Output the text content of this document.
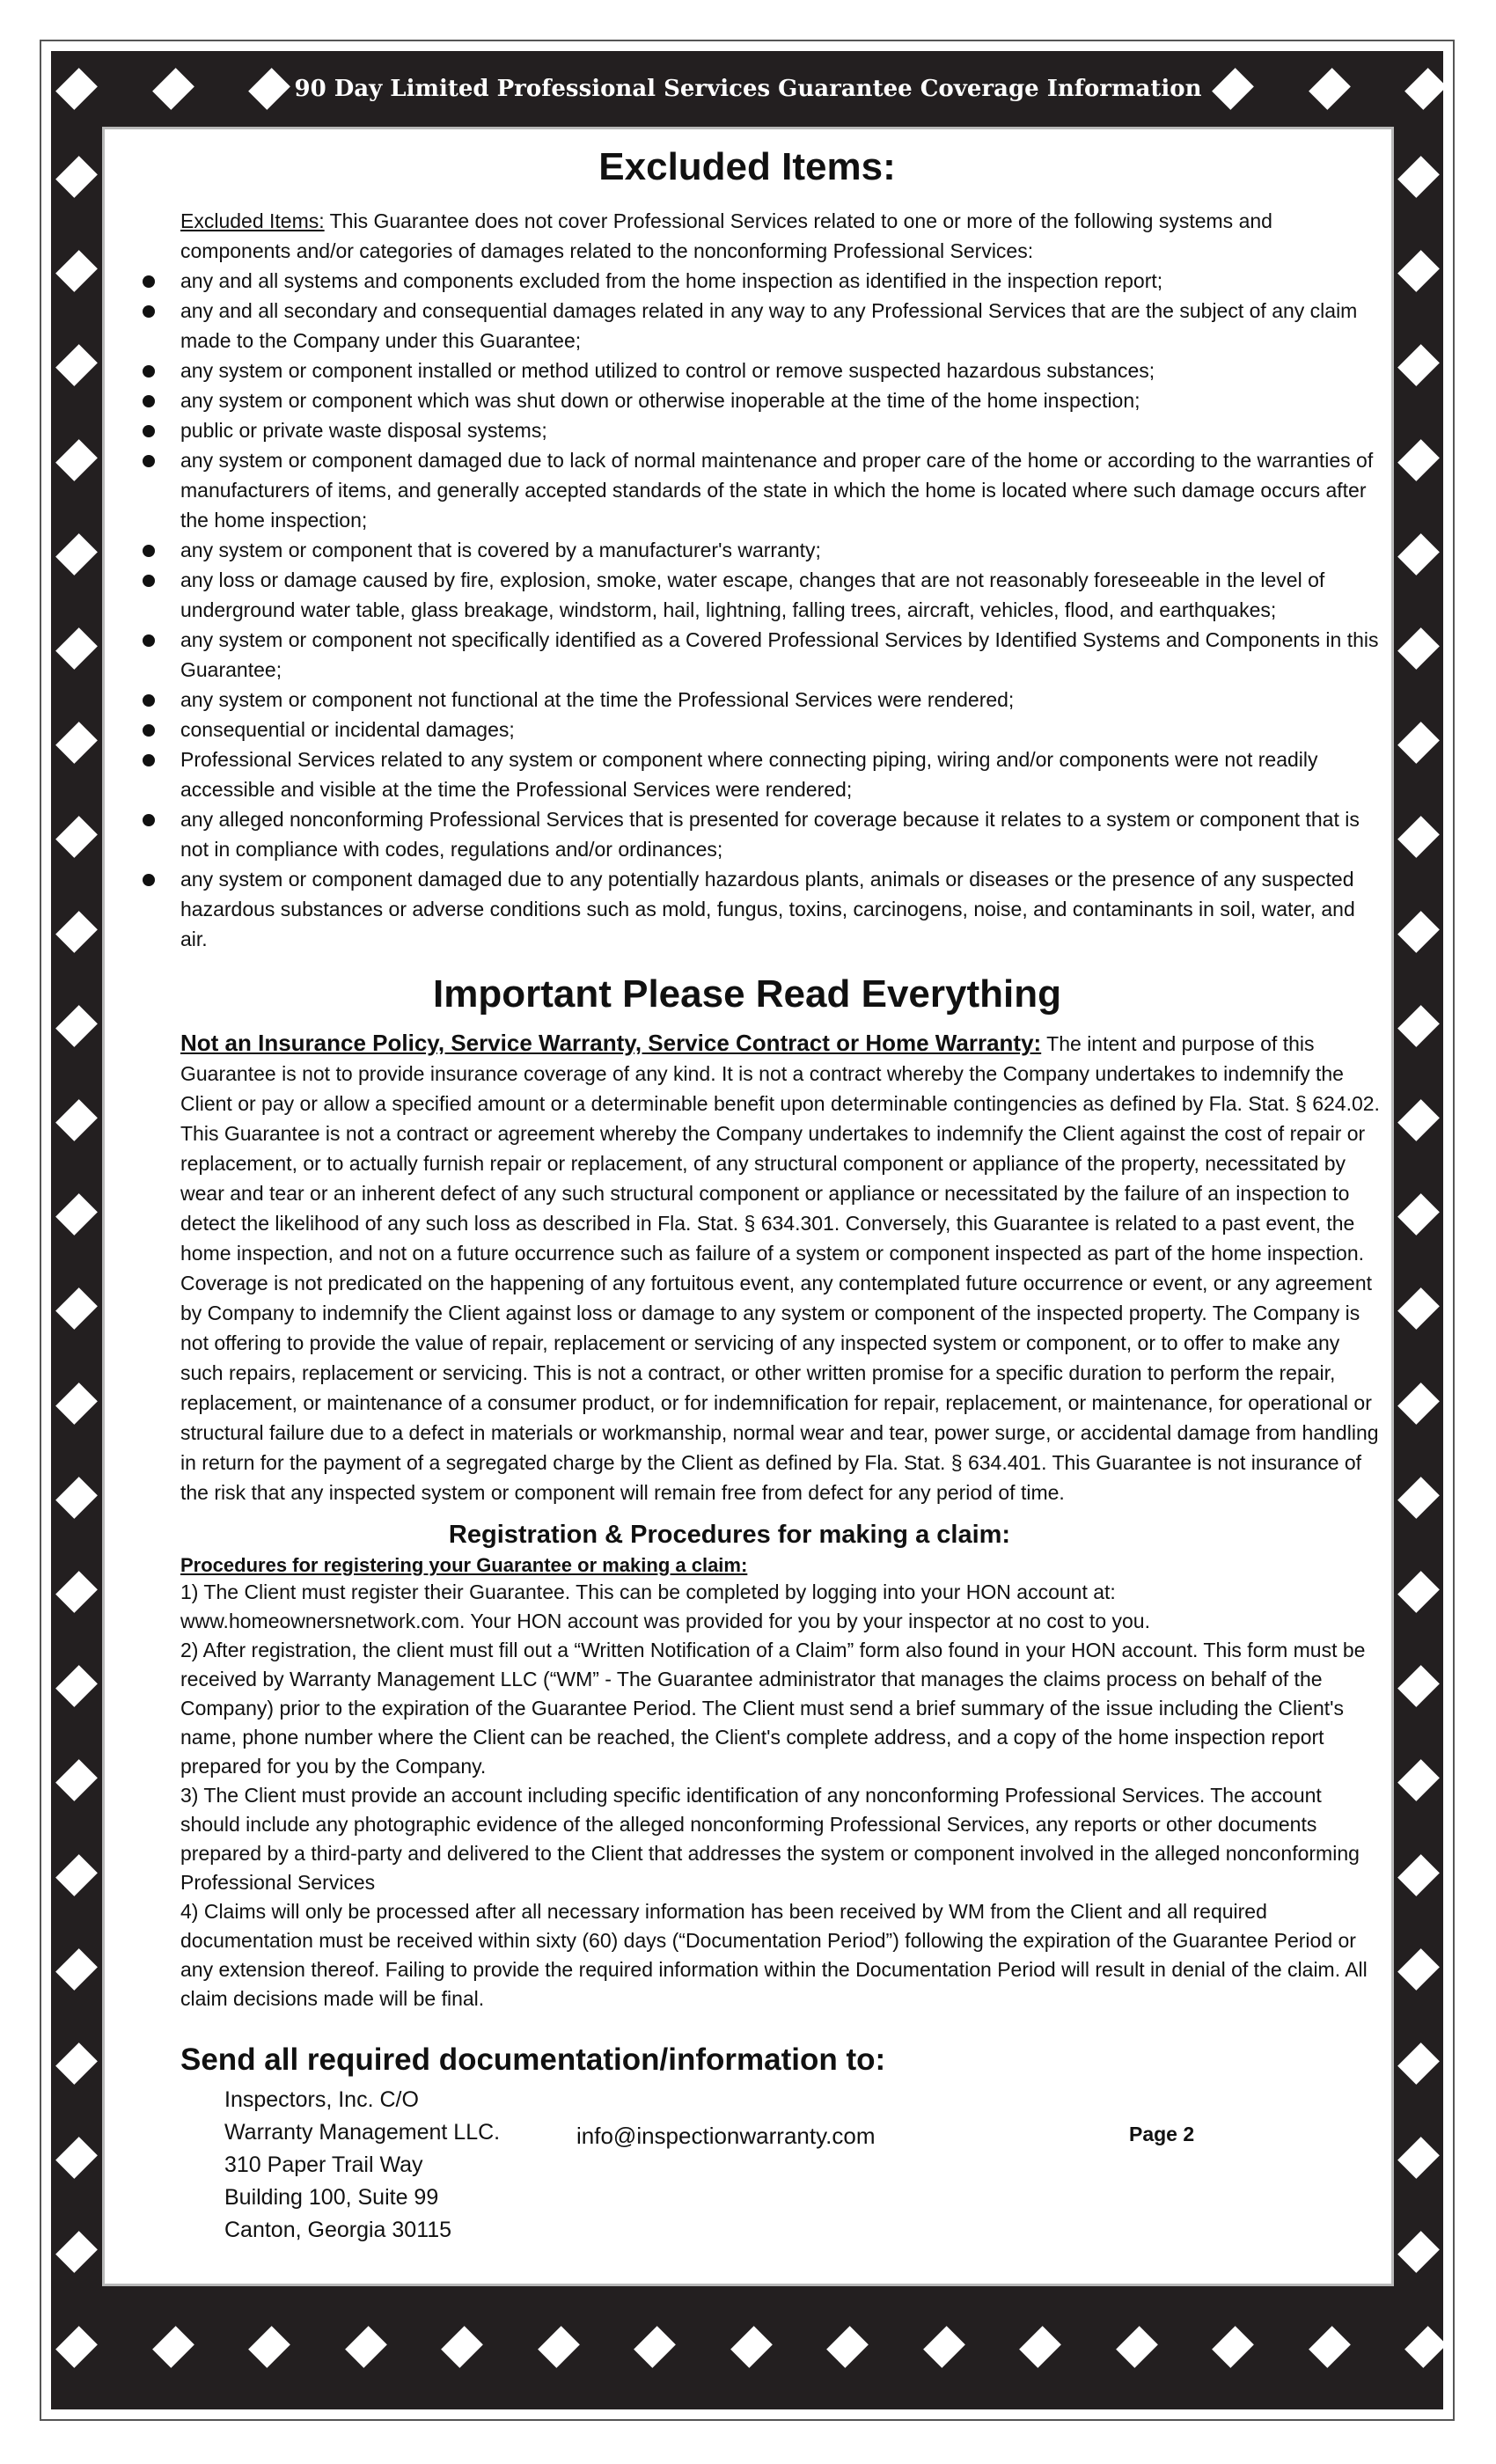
90 Day Limited Professional Services Guarantee Coverage Information
Excluded Items:

Excluded Items: This Guarantee does not cover Professional Services related to one or more of the following systems and components and/or categories of damages related to the nonconforming Professional Services:

any and all systems and components excluded from the home inspection as identified in the inspection report;
any and all secondary and consequential damages related in any way to any Professional Services that are the subject of any claim made to the Company under this Guarantee;
any system or component installed or method utilized to control or remove suspected hazardous substances;
any system or component which was shut down or otherwise inoperable at the time of the home inspection;
public or private waste disposal systems;
any system or component damaged due to lack of normal maintenance and proper care of the home or according to the warranties of manufacturers of items, and generally accepted standards of the state in which the home is located where such damage occurs after the home inspection;
any system or component that is covered by a manufacturer's warranty;
any loss or damage caused by fire, explosion, smoke, water escape, changes that are not reasonably foreseeable in the level of underground water table, glass breakage, windstorm, hail, lightning, falling trees, aircraft, vehicles, flood, and earthquakes;
any system or component not specifically identified as a Covered Professional Services by Identified Systems and Components in this Guarantee;
any system or component not functional at the time the Professional Services were rendered;
consequential or incidental damages;
Professional Services related to any system or component where connecting piping, wiring and/or components were not readily accessible and visible at the time the Professional Services were rendered;
any alleged nonconforming Professional Services that is presented for coverage because it relates to a system or component that is not in compliance with codes, regulations and/or ordinances;
any system or component damaged due to any potentially hazardous plants, animals or diseases or the presence of any suspected hazardous substances or adverse conditions such as mold, fungus, toxins, carcinogens, noise, and contaminants in soil, water, and air.
Important Please Read Everything

Not an Insurance Policy, Service Warranty, Service Contract or Home Warranty: The intent and purpose of this Guarantee is not to provide insurance coverage of any kind. It is not a contract whereby the Company undertakes to indemnify the Client or pay or allow a specified amount or a determinable benefit upon determinable contingencies as defined by Fla. Stat. § 624.02. This Guarantee is not a contract or agreement whereby the Company undertakes to indemnify the Client against the cost of repair or replacement, or to actually furnish repair or replacement, of any structural component or appliance of the property, necessitated by wear and tear or an inherent defect of any such structural component or appliance or necessitated by the failure of an inspection to detect the likelihood of any such loss as described in Fla. Stat. § 634.301. Conversely, this Guarantee is related to a past event, the home inspection, and not on a future occurrence such as failure of a system or component inspected as part of the home inspection. Coverage is not predicated on the happening of any fortuitous event, any contemplated future occurrence or event, or any agreement by Company to indemnify the Client against loss or damage to any system or component of the inspected property. The Company is not offering to provide the value of repair, replacement or servicing of any inspected system or component, or to offer to make any such repairs, replacement or servicing. This is not a contract, or other written promise for a specific duration to perform the repair, replacement, or maintenance of a consumer product, or for indemnification for repair, replacement, or maintenance, for operational or structural failure due to a defect in materials or workmanship, normal wear and tear, power surge, or accidental damage from handling in return for the payment of a segregated charge by the Client as defined by Fla. Stat. § 634.401. This Guarantee is not insurance of the risk that any inspected system or component will remain free from defect for any period of time.

Registration & Procedures for making a claim:

Procedures for registering your Guarantee or making a claim:

1) The Client must register their Guarantee. This can be completed by logging into your HON account at: www.homeownersnetwork.com. Your HON account was provided for you by your inspector at no cost to you.

2) After registration, the client must fill out a “Written Notification of a Claim” form also found in your HON account. This form must be received by Warranty Management LLC (“WM” - The Guarantee administrator that manages the claims process on behalf of the Company) prior to the expiration of the Guarantee Period. The Client must send a brief summary of the issue including the Client's name, phone number where the Client can be reached, the Client's complete address, and a copy of the home inspection report prepared for you by the Company.

3) The Client must provide an account including specific identification of any nonconforming Professional Services. The account should include any photographic evidence of the alleged nonconforming Professional Services, any reports or other documents prepared by a third-party and delivered to the Client that addresses the system or component involved in the alleged nonconforming Professional Services

4) Claims will only be processed after all necessary information has been received by WM from the Client and all required documentation must be received within sixty (60) days (“Documentation Period”) following the expiration of the Guarantee Period or any extension thereof. Failing to provide the required information within the Documentation Period will result in denial of the claim. All claim decisions made will be final.

Send all required documentation/information to:
Inspectors, Inc. C/O
Warranty Management LLC.
310 Paper Trail Way
Building 100, Suite 99
Canton, Georgia 30115
info@inspectionwarranty.com	Page 2
